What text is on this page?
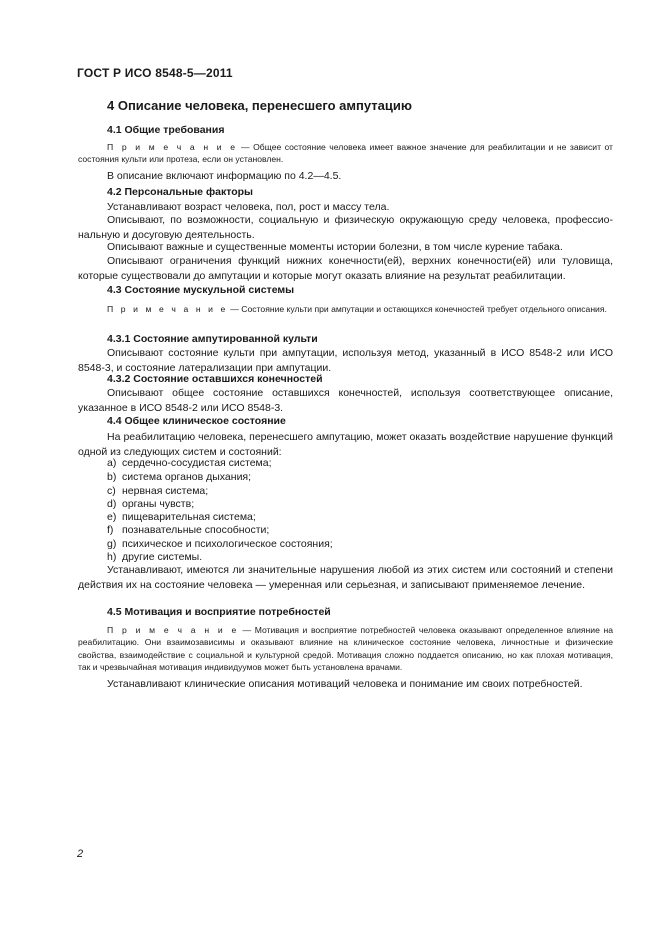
ГОСТ Р ИСО 8548-5—2011
4 Описание человека, перенесшего ампутацию
4.1 Общие требования

П р и м е ч а н и е — Общее состояние человека имеет важное значение для реабилитации и не зависит от состояния культи или протеза, если он установлен.

В описание включают информацию по 4.2—4.5.

4.2 Персональные факторы

Устанавливают возраст человека, пол, рост и массу тела.

Описывают, по возможности, социальную и физическую окружающую среду человека, профессиональную и досуговую деятельность.

Описывают важные и существенные моменты истории болезни, в том числе курение табака.

Описывают ограничения функций нижних конечности(ей), верхних конечности(ей) или туловища, которые существовали до ампутации и которые могут оказать влияние на результат реабилитации.

4.3 Состояние мускульной системы

П р и м е ч а н и е — Состояние культи при ампутации и остающихся конечностей требует отдельного описания.

4.3.1 Состояние ампутированной культи

Описывают состояние культи при ампутации, используя метод, указанный в ИСО 8548-2 или ИСО 8548-3, и состояние латерализации при ампутации.

4.3.2 Состояние оставшихся конечностей

Описывают общее состояние оставшихся конечностей, используя соответствующее описание, указанное в ИСО 8548-2 или ИСО 8548-3.

4.4 Общее клиническое состояние

На реабилитацию человека, перенесшего ампутацию, может оказать воздействие нарушение функций одной из следующих систем и состояний:

a) сердечно-сосудистая система;
b) система органов дыхания;
c) нервная система;
d) органы чувств;
e) пищеварительная система;
f) познавательные способности;
g) психическое и психологическое состояния;
h) другие системы.

Устанавливают, имеются ли значительные нарушения любой из этих систем или состояний и степени действия их на состояние человека — умеренная или серьезная, и записывают применяемое лечение.

4.5 Мотивация и восприятие потребностей

П р и м е ч а н и е — Мотивация и восприятие потребностей человека оказывают определенное влияние на реабилитацию. Они взаимозависимы и оказывают влияние на клиническое состояние человека, личностные и физические свойства, взаимодействие с социальной и культурной средой. Мотивация сложно поддается описанию, но как плохая мотивация, так и чрезвычайная мотивация индивидуумов может быть установлена врачами.

Устанавливают клинические описания мотиваций человека и понимание им своих потребностей.

2
